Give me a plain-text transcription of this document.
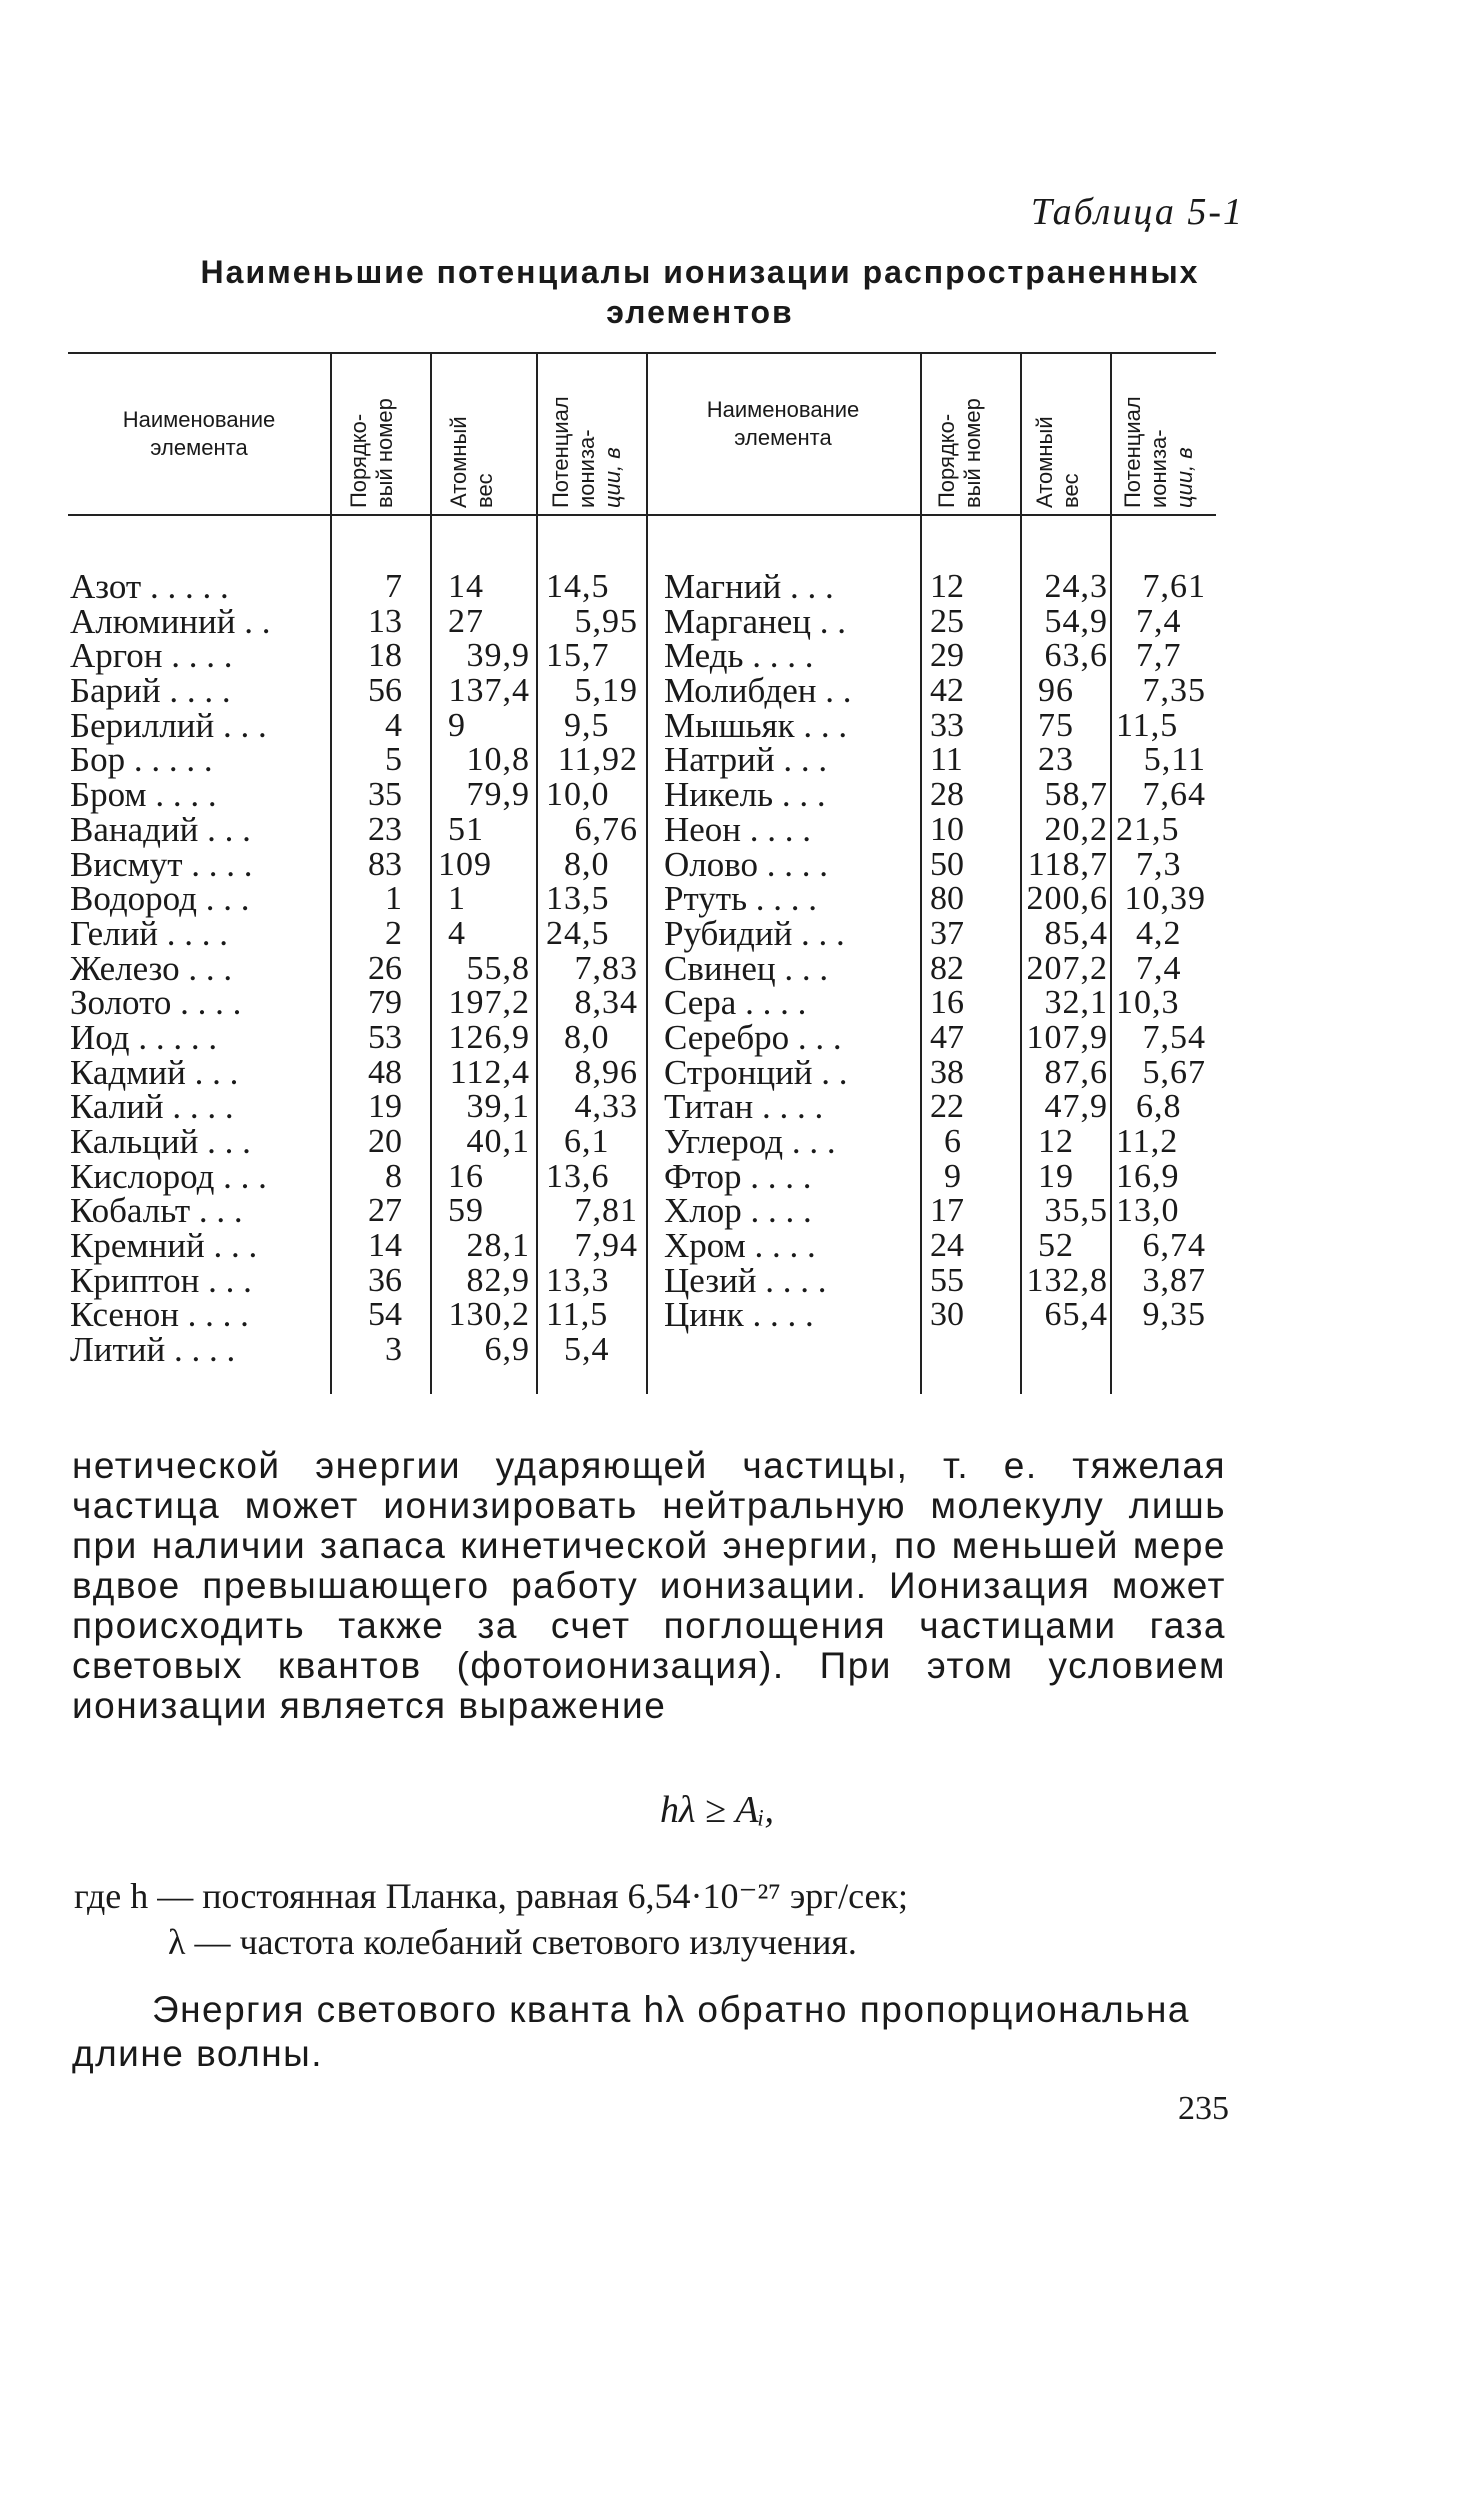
Таблица 5-1
Наименьшие потенциалы ионизации распространенных
элементов
Наименование
элемента	Порядко- вый номер Атомный вес Потенциал ионизa- ции, в
Наименование
элемента	Порядко- вый номер Атомный вес Потенциал ионизa- ции, в
Азот . . . . .
Алюминий . .
Аргон . . . .
Барий . . . .
Бериллий . . .
Бор . . . . .
Бром . . . .
Ванадий . . .
Висмут . . . .
Водород . . .
Гелий . . . .
Железо . . .
Золото . . . .
Иод . . . . .
Кадмий . . .
Калий . . . .
Кальций . . .
Кислород . . .
Кобальт . . .
Кремний . . .
Криптон . . .
Ксенон . . . .
Литий . . . .
7
13
18
56
4
5
35
23
83
1
2
26
79
53
48
19
20
8
27
14
36
54
3
14
27
39,9
137,4
9
10,8
79,9
51
109
1
4
55,8
197,2
126,9
112,4
39,1
40,1
16
59
28,1
82,9
130,2
6,9
14,5
5,95
15,7
5,19
9,5
11,92
10,0
6,76
8,0
13,5
24,5
7,83
8,34
8,0
8,96
4,33
6,1
13,6
7,81
7,94
13,3
11,5
5,4
Магний . . .
Марганец . .
Медь . . . .
Молибден . .
Мышьяк . . .
Натрий . . .
Никель . . .
Неон . . . .
Олово . . . .
Ртуть . . . .
Рубидий . . .
Свинец . . .
Сера . . . .
Серебро . . .
Стронций . .
Титан . . . .
Углерод . . .
Фтор . . . .
Хлор . . . .
Хром . . . .
Цезий . . . .
Цинк . . . .
12
25
29
42
33
11
28
10
50
80
37
82
16
47
38
22
6
9
17
24
55
30
24,3
54,9
63,6
96
75
23
58,7
20,2
118,7
200,6
85,4
207,2
32,1
107,9
87,6
47,9
12
19
35,5
52
132,8
65,4
7,61
7,4
7,7
7,35
11,5
5,11
7,64
21,5
7,3
10,39
4,2
7,4
10,3
7,54
5,67
6,8
11,2
16,9
13,0
6,74
3,87
9,35

нетической энергии ударяющей частицы, т. е. тяжелая частица может ионизировать нейтральную молекулу лишь при наличии запаса кинетической энергии, по меньшей мере вдвое превышающего работу ионизации. Ионизация может происходить также за счет поглощения частицами газа световых квантов (фотоионизация). При этом условием ионизации является выражение

hλ ≥ Aᵢ,
где h — постоянная Планка, равная 6,54·10⁻²⁷ эрг/сек;
λ — частота колебаний светового излучения.

Энергия светового кванта hλ обратно пропорциональна длине волны.

235
